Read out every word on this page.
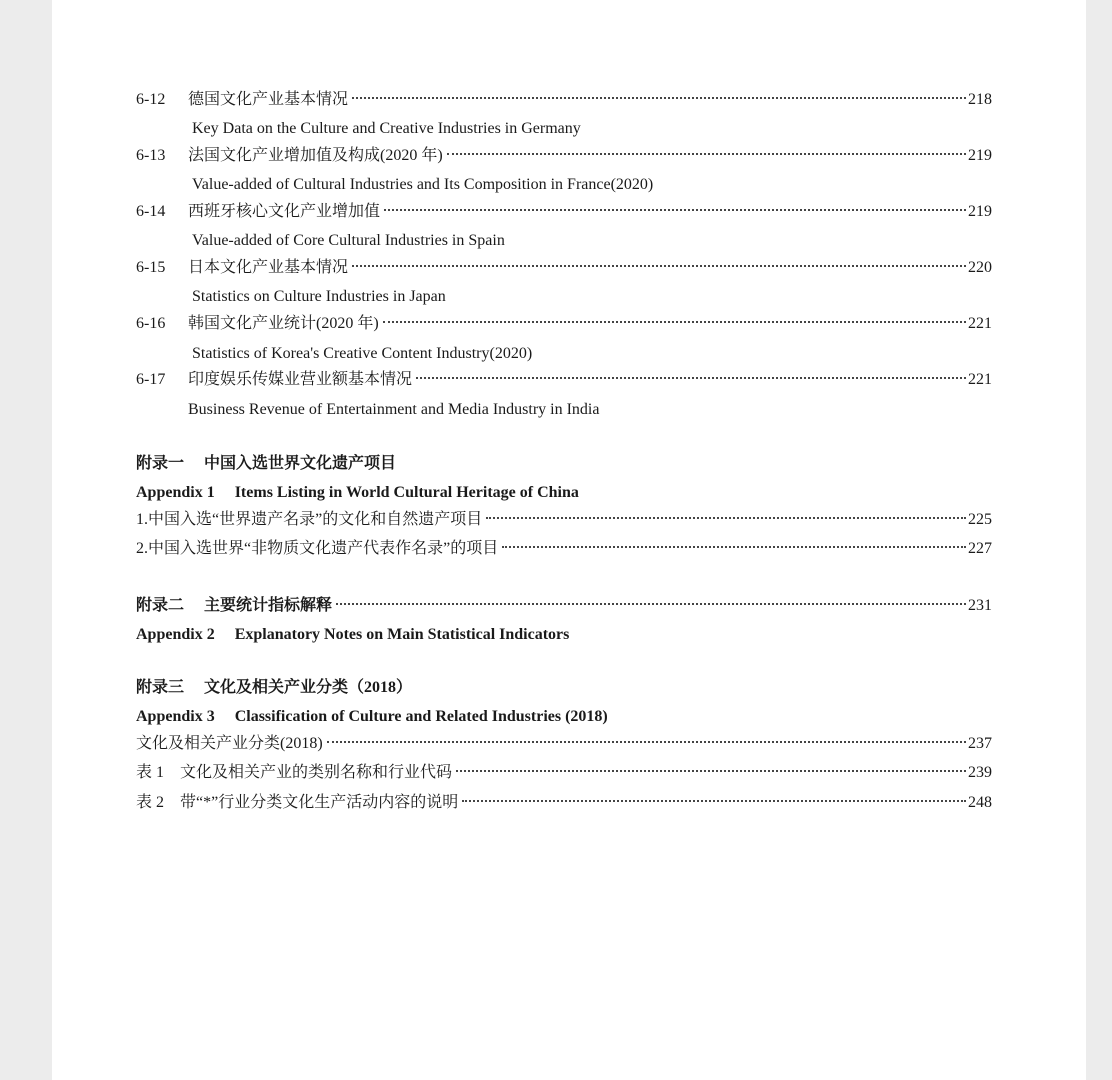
6-12	德国文化产业基本情况	218
Key Data on the Culture and Creative Industries in Germany
6-13	法国文化产业增加值及构成(2020 年)	219
Value-added of Cultural Industries and Its Composition in France(2020)
6-14	西班牙核心文化产业增加值	219
Value-added of Core Cultural Industries in Spain
6-15	日本文化产业基本情况	220
Statistics on Culture Industries in Japan
6-16	韩国文化产业统计(2020 年)	221
Statistics of Korea's Creative Content Industry(2020)
6-17	印度娱乐传媒业营业额基本情况	221
Business Revenue of Entertainment and Media Industry in India
附录一 中国入选世界文化遗产项目
Appendix 1 Items Listing in World Cultural Heritage of China
1.中国入选“世界遗产名录”的文化和自然遗产项目	225
2.中国入选世界“非物质文化遗产代表作名录”的项目	227
附录二 主要统计指标解释	231
Appendix 2 Explanatory Notes on Main Statistical Indicators
附录三 文化及相关产业分类（2018）
Appendix 3 Classification of Culture and Related Industries (2018)
文化及相关产业分类(2018)	237
表 1　文化及相关产业的类别名称和行业代码	239
表 2　带“*”行业分类文化生产活动内容的说明	248
